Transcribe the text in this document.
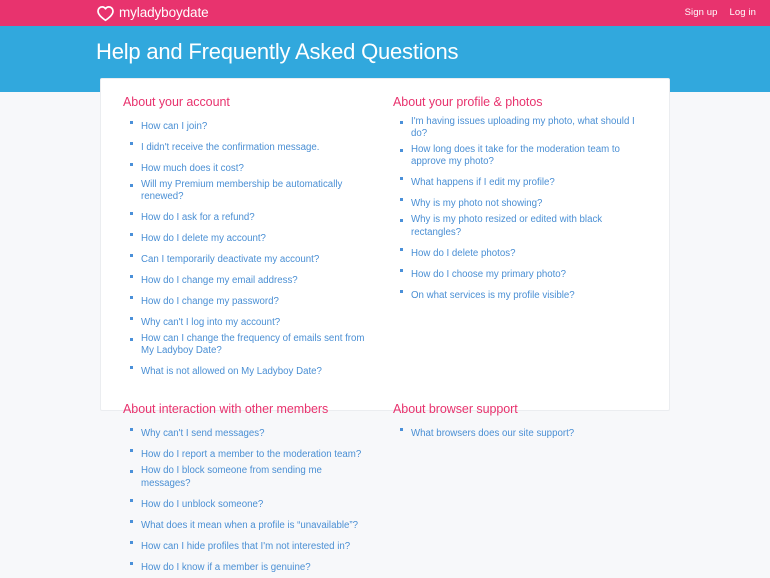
myladyboydate	Sign up Log in
Help and Frequently Asked Questions
About your account
How can I join?
I didn't receive the confirmation message.
How much does it cost?
Will my Premium membership be automatically renewed?
How do I ask for a refund?
How do I delete my account?
Can I temporarily deactivate my account?
How do I change my email address?
How do I change my password?
Why can't I log into my account?
How can I change the frequency of emails sent from My Ladyboy Date?
What is not allowed on My Ladyboy Date?
About your profile & photos
I'm having issues uploading my photo, what should I do?
How long does it take for the moderation team to approve my photo?
What happens if I edit my profile?
Why is my photo not showing?
Why is my photo resized or edited with black rectangles?
How do I delete photos?
How do I choose my primary photo?
On what services is my profile visible?
About interaction with other members
Why can't I send messages?
How do I report a member to the moderation team?
How do I block someone from sending me messages?
How do I unblock someone?
What does it mean when a profile is “unavailable”?
How can I hide profiles that I'm not interested in?
How do I know if a member is genuine?
About browser support
What browsers does our site support?
